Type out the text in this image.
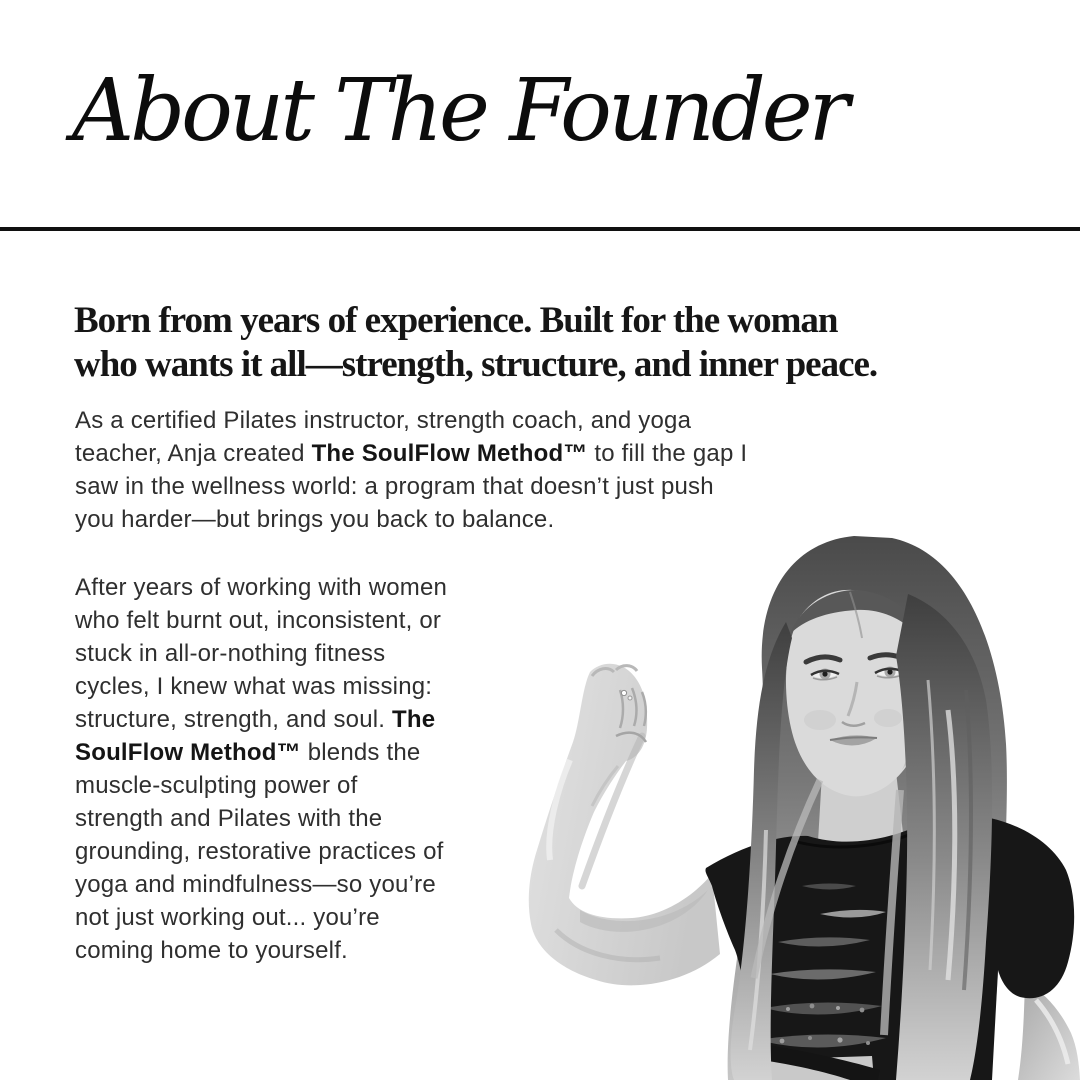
About The Founder
Born from years of experience. Built for the woman
who wants it all—strength, structure, and inner peace.
As a certified Pilates instructor, strength coach, and yoga
teacher, Anja created The SoulFlow Method™ to fill the gap I
saw in the wellness world: a program that doesn’t just push
you harder—but brings you back to balance.
After years of working with women
who felt burnt out, inconsistent, or
stuck in all-or-nothing fitness
cycles, I knew what was missing:
structure, strength, and soul. The
SoulFlow Method™ blends the
muscle-sculpting power of
strength and Pilates with the
grounding, restorative practices of
yoga and mindfulness—so you’re
not just working out... you’re
coming home to yourself.
